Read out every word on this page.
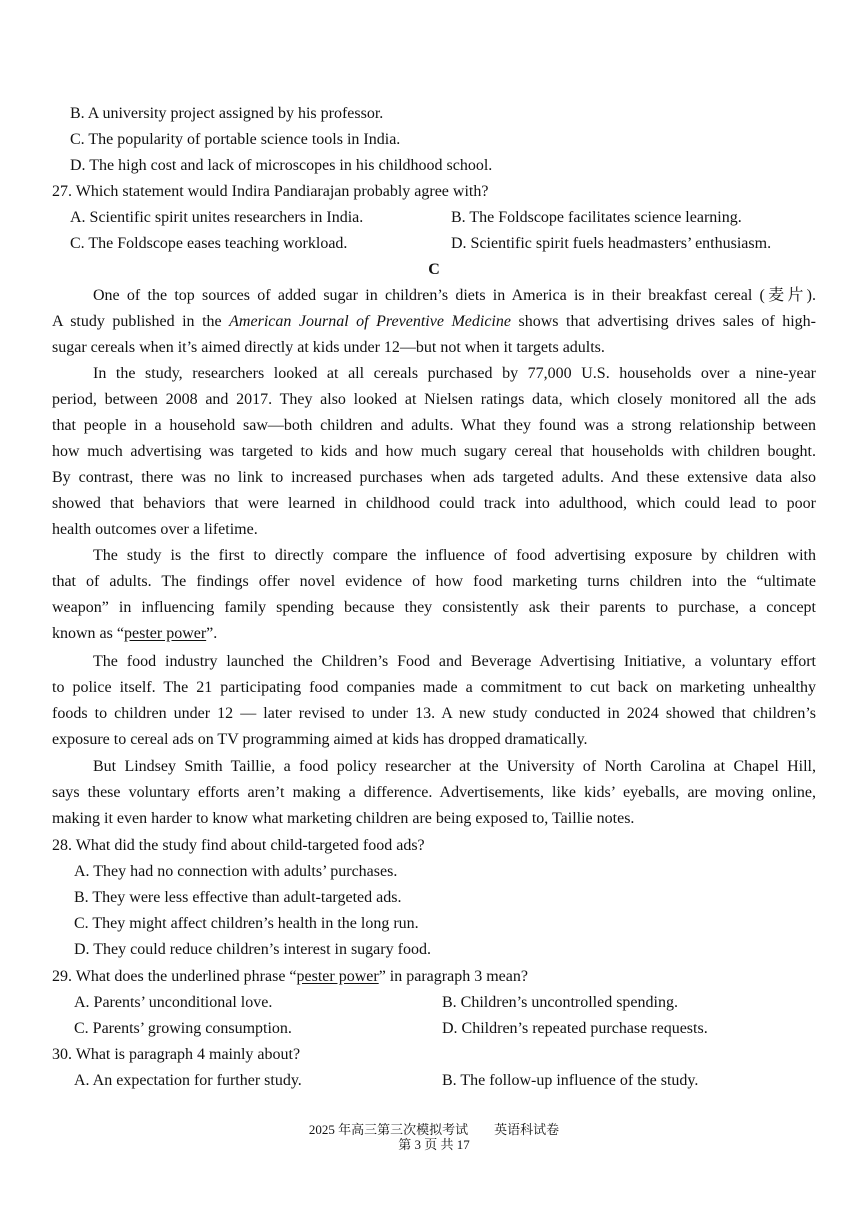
B. A university project assigned by his professor.
C. The popularity of portable science tools in India.
D. The high cost and lack of microscopes in his childhood school.
27. Which statement would Indira Pandiarajan probably agree with?
A. Scientific spirit unites researchers in India.	B. The Foldscope facilitates science learning.
C. The Foldscope eases teaching workload.	D. Scientific spirit fuels headmasters’ enthusiasm.
C
One of the top sources of added sugar in children’s diets in America is in their breakfast cereal (麦片).
A study published in the American Journal of Preventive Medicine shows that advertising drives sales of high-
sugar cereals when it’s aimed directly at kids under 12—but not when it targets adults.
In the study, researchers looked at all cereals purchased by 77,000 U.S. households over a nine-year
period, between 2008 and 2017. They also looked at Nielsen ratings data, which closely monitored all the ads
that people in a household saw—both children and adults. What they found was a strong relationship between
how much advertising was targeted to kids and how much sugary cereal that households with children bought.
By contrast, there was no link to increased purchases when ads targeted adults. And these extensive data also
showed that behaviors that were learned in childhood could track into adulthood, which could lead to poor
health outcomes over a lifetime.
The study is the first to directly compare the influence of food advertising exposure by children with
that of adults. The findings offer novel evidence of how food marketing turns children into the “ultimate
weapon” in influencing family spending because they consistently ask their parents to purchase, a concept
known as “pester power”.
The food industry launched the Children’s Food and Beverage Advertising Initiative, a voluntary effort
to police itself. The 21 participating food companies made a commitment to cut back on marketing unhealthy
foods to children under 12 — later revised to under 13. A new study conducted in 2024 showed that children’s
exposure to cereal ads on TV programming aimed at kids has dropped dramatically.
But Lindsey Smith Taillie, a food policy researcher at the University of North Carolina at Chapel Hill,
says these voluntary efforts aren’t making a difference. Advertisements, like kids’ eyeballs, are moving online,
making it even harder to know what marketing children are being exposed to, Taillie notes.
28. What did the study find about child-targeted food ads?
A. They had no connection with adults’ purchases.
B. They were less effective than adult-targeted ads.
C. They might affect children’s health in the long run.
D. They could reduce children’s interest in sugary food.
29. What does the underlined phrase “pester power” in paragraph 3 mean?
A. Parents’ unconditional love.	B. Children’s uncontrolled spending.
C. Parents’ growing consumption.	D. Children’s repeated purchase requests.
30. What is paragraph 4 mainly about?
A. An expectation for further study.	B. The follow-up influence of the study.
2025 年高三第三次模拟考试　　英语科试卷
第 3 页 共 17
